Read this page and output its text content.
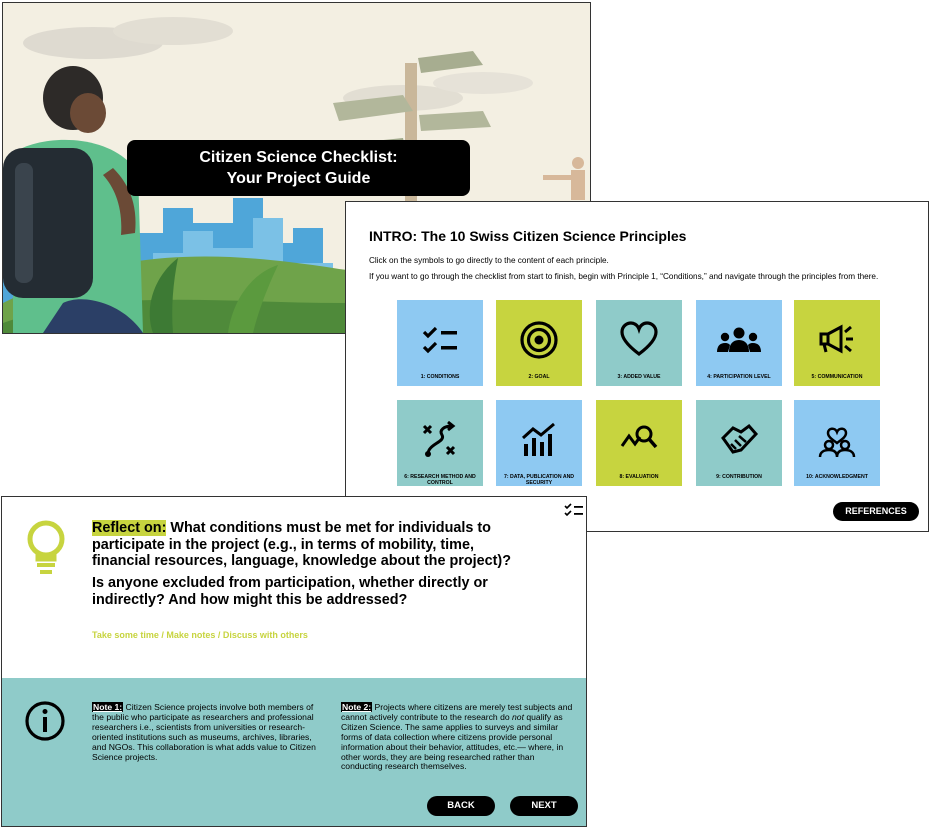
Citizen Science Checklist:
Your Project Guide
INTRO: The 10 Swiss Citizen Science Principles

Click on the symbols to go directly to the content of each principle.

If you want to go through the checklist from start to finish, begin with Principle 1, “Conditions,” and navigate through the principles from there.

1: CONDITIONS	2: GOAL	3: ADDED VALUE	4: PARTICIPATION LEVEL	5: COMMUNICATION
6: RESEARCH METHOD AND CONTROL
7: DATA, PUBLICATION AND SECURITY
8: EVALUATION	9: CONTRIBUTION	10: ACKNOWLEDGMENT
REFERENCES

Reflect on: What conditions must be met for individuals to participate in the project (e.g., in terms of mobility, time, financial resources, language, knowledge about the project)?

Is anyone excluded from participation, whether directly or indirectly? And how might this be addressed?

Take some time / Make notes / Discuss with others
Note 1: Citizen Science projects involve both members of the public who participate as researchers and professional researchers i.e., scientists from universities or research-oriented institutions such as museums, archives, libraries, and NGOs. This collaboration is what adds value to Citizen Science projects.
Note 2: Projects where citizens are merely test subjects and cannot actively contribute to the research do not qualify as Citizen Science. The same applies to surveys and similar forms of data collection where citizens provide personal information about their behavior, attitudes, etc.— where, in other words, they are being researched rather than conducting research themselves.
BACK	NEXT
